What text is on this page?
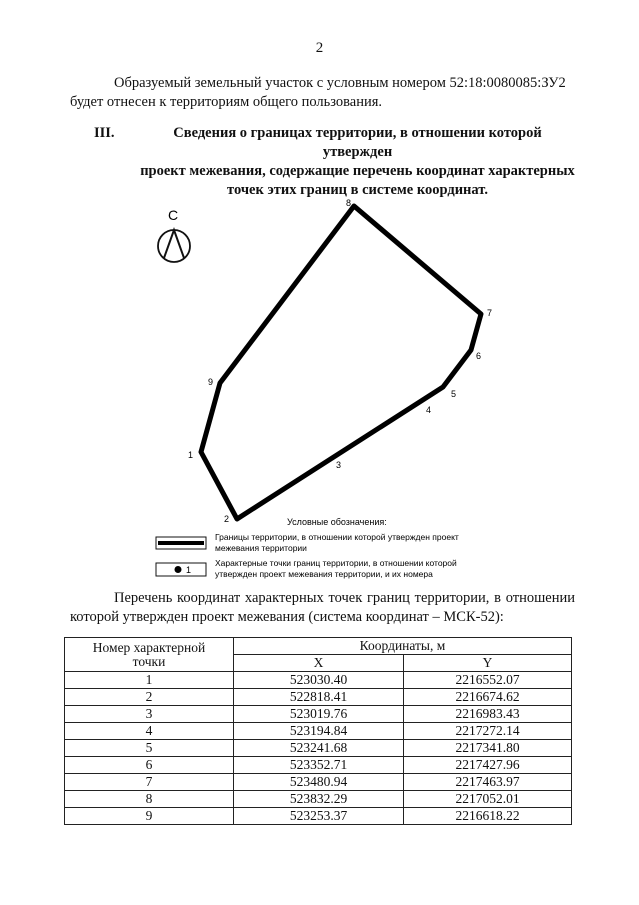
2
Образуемый земельный участок с условным номером 52:18:0080085:ЗУ2
будет отнесен к территориям общего пользования.
III.	Сведения о границах территории, в отношении которой утвержден
проект межевания, содержащие перечень координат характерных
точек этих границ в системе координат.
С
1
2
3
4
5
6
7
8
9
Условные обозначения:
Границы территории, в отношении которой утвержден проект
межевания территории
1
Характерные точки границ территории, в отношении которой
утвержден проект межевания территории, и их номера
Перечень координат характерных точек границ территории, в отношении
которой утвержден проект межевания (система координат – МСК-52):
Номер характерной
точки	Координаты, м	
	X	Y
1	523030.40	2216552.07
2	522818.41	2216674.62
3	523019.76	2216983.43
4	523194.84	2217272.14
5	523241.68	2217341.80
6	523352.71	2217427.96
7	523480.94	2217463.97
8	523832.29	2217052.01
9	523253.37	2216618.22
